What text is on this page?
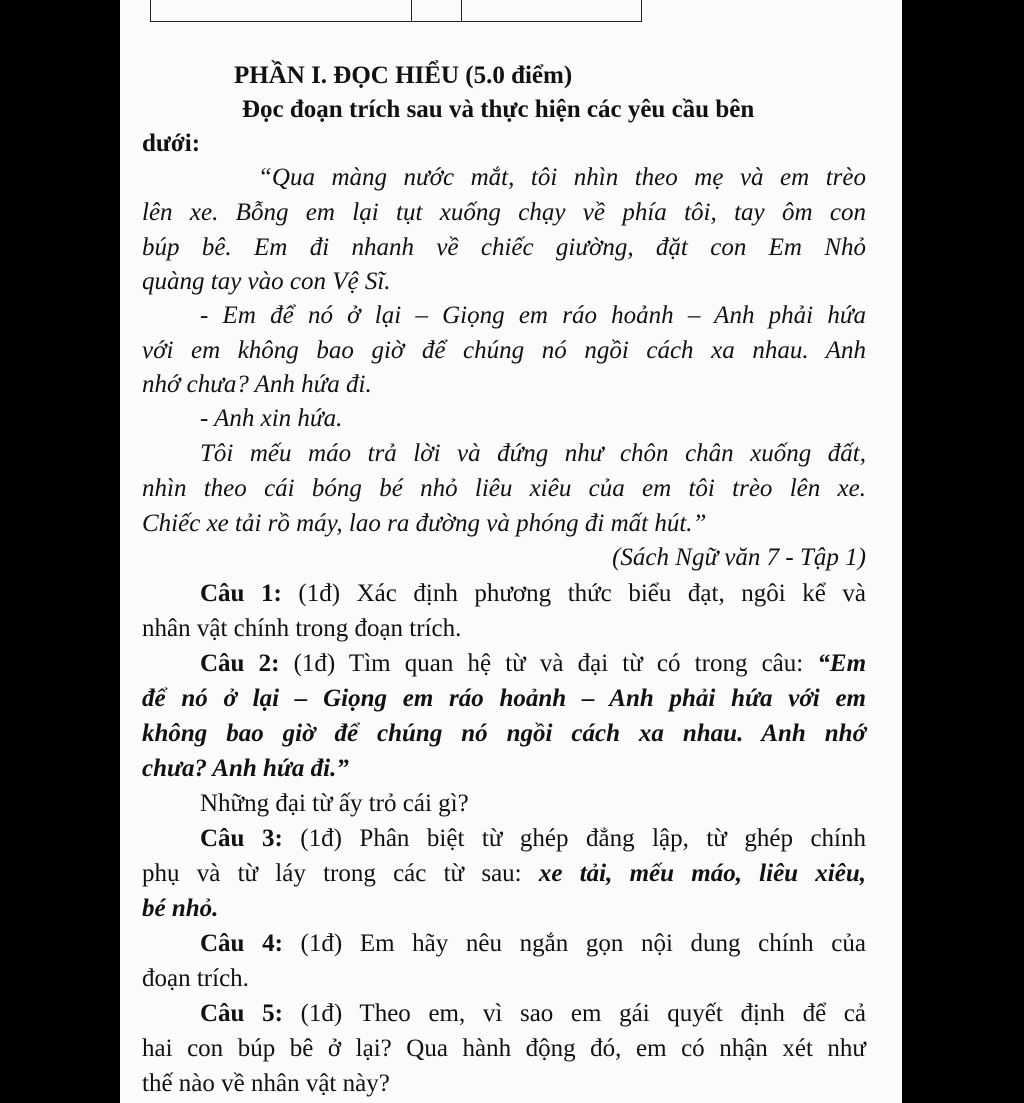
PHẦN I. ĐỌC HIỂU (5.0 điểm)
Đọc đoạn trích sau và thực hiện các yêu cầu bên
dưới:
“Qua màng nước mắt, tôi nhìn theo mẹ và em trèo
lên xe. Bỗng em lại tụt xuống chạy về phía tôi, tay ôm con
búp bê. Em đi nhanh về chiếc giường, đặt con Em Nhỏ
quàng tay vào con Vệ Sĩ.
- Em để nó ở lại – Giọng em ráo hoảnh – Anh phải hứa
với em không bao giờ để chúng nó ngồi cách xa nhau. Anh
nhớ chưa? Anh hứa đi.
- Anh xin hứa.
Tôi mếu máo trả lời và đứng như chôn chân xuống đất,
nhìn theo cái bóng bé nhỏ liêu xiêu của em tôi trèo lên xe.
Chiếc xe tải rồ máy, lao ra đường và phóng đi mất hút.”
(Sách Ngữ văn 7 - Tập 1)
Câu 1: (1đ) Xác định phương thức biểu đạt, ngôi kể và
nhân vật chính trong đoạn trích.
Câu 2: (1đ) Tìm quan hệ từ và đại từ có trong câu: “Em
để nó ở lại – Giọng em ráo hoảnh – Anh phải hứa với em
không bao giờ để chúng nó ngồi cách xa nhau. Anh nhớ
chưa? Anh hứa đi.”
Những đại từ ấy trỏ cái gì?
Câu 3: (1đ) Phân biệt từ ghép đẳng lập, từ ghép chính
phụ và từ láy trong các từ sau: xe tải, mếu máo, liêu xiêu,
bé nhỏ.
Câu 4: (1đ) Em hãy nêu ngắn gọn nội dung chính của
đoạn trích.
Câu 5: (1đ) Theo em, vì sao em gái quyết định để cả
hai con búp bê ở lại? Qua hành động đó, em có nhận xét như
thế nào về nhân vật này?
